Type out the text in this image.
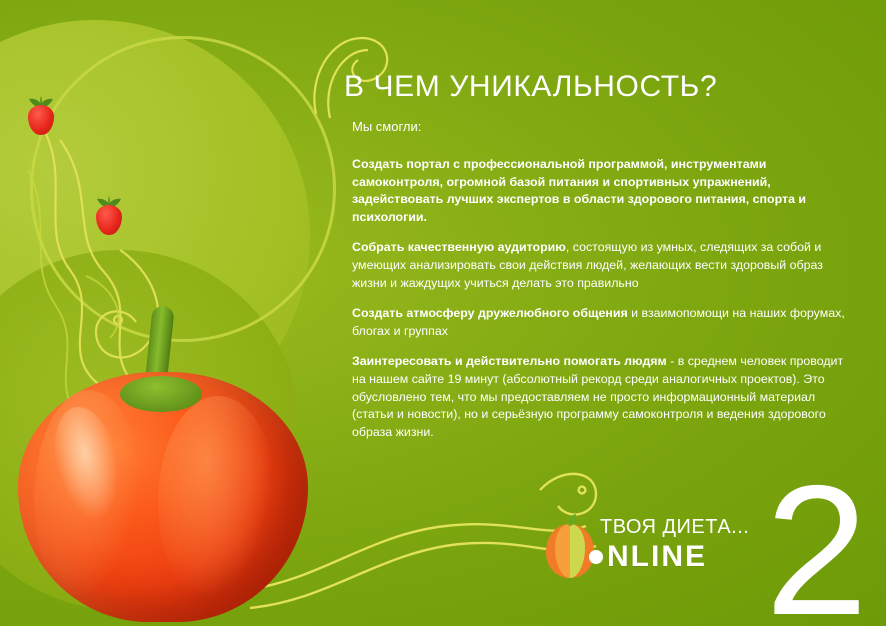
В ЧЕМ УНИКАЛЬНОСТЬ?
Мы смогли:

Создать портал с профессиональной программой, инструментами самоконтроля, огромной базой питания и спортивных упражнений, задействовать лучших экспертов в области здорового питания, спорта и психологии.

Собрать качественную аудиторию, состоящую из умных, следящих за собой и умеющих анализировать свои действия людей, желающих вести здоровый образ жизни и жаждущих учиться делать это правильно

Создать атмосферу дружелюбного общения и взаимопомощи на наших форумах, блогах и группах

Заинтересовать и действительно помогать людям - в среднем человек проводит на нашем сайте 19 минут (абсолютный рекорд среди аналогичных проектов). Это обусловлено тем, что мы предоставляем не просто информационный материал (статьи и новости), но и серьёзную программу самоконтроля и ведения здорового образа жизни.

ТВОЯ ДИЕТА...
N L I N E 2
